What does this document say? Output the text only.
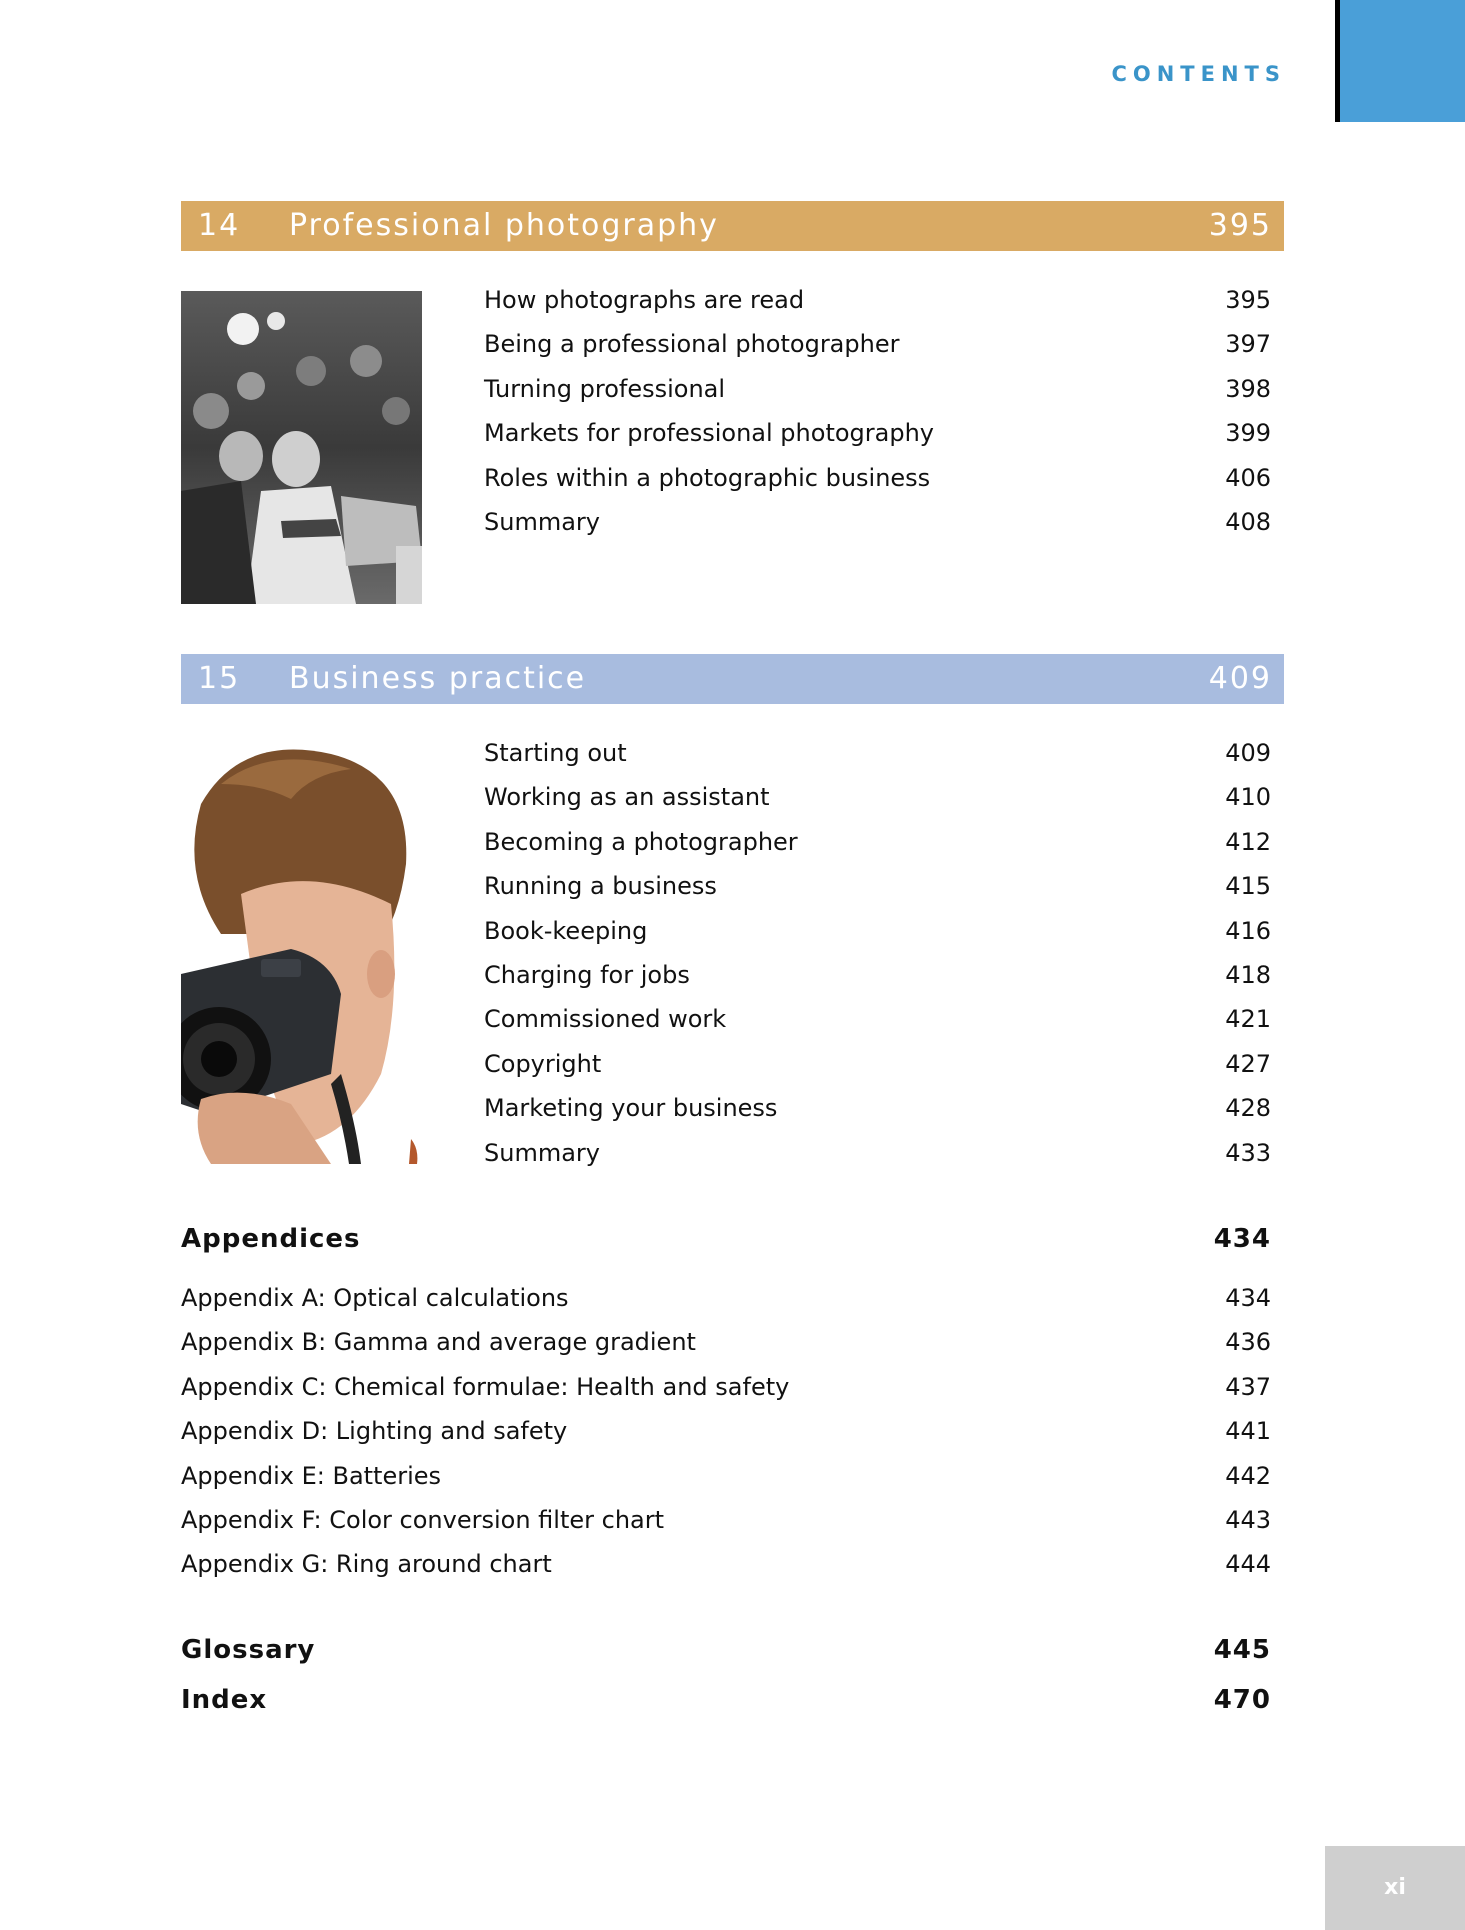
CONTENTS
14 Professional photography	395
How photographs are read	395
Being a professional photographer	397
Turning professional	398
Markets for professional photography	399
Roles within a photographic business	406
Summary	408
15 Business practice	409
Starting out	409
Working as an assistant	410
Becoming a photographer	412
Running a business	415
Book-keeping	416
Charging for jobs	418
Commissioned work	421
Copyright	427
Marketing your business	428
Summary	433
Appendices	434
Appendix A: Optical calculations	434
Appendix B: Gamma and average gradient	436
Appendix C: Chemical formulae: Health and safety	437
Appendix D: Lighting and safety	441
Appendix E: Batteries	442
Appendix F: Color conversion filter chart	443
Appendix G: Ring around chart	444
Glossary	445
Index	470
xi
